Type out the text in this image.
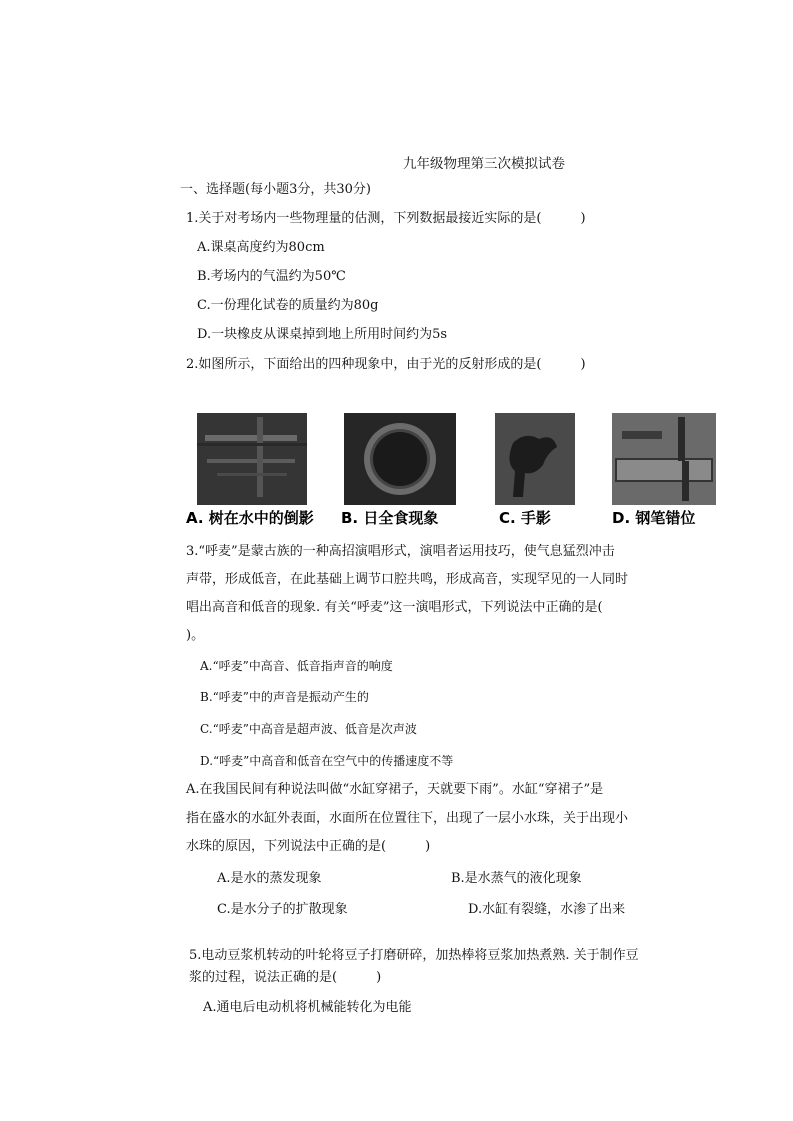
九年级物理第三次模拟试卷
一、选择题(每小题3分，共30分)
1.关于对考场内一些物理量的估测，下列数据最接近实际的是(　　　)
A.课桌高度约为80cm
B.考场内的气温约为50℃
C.一份理化试卷的质量约为80g
D.一块橡皮从课桌掉到地上所用时间约为5s
2.如图所示，下面给出的四种现象中，由于光的反射形成的是(　　　)
A. 树在水中的倒影 B. 日全食现象	C. 手影	D. 钢笔错位
3.“呼麦”是蒙古族的一种高招演唱形式，演唱者运用技巧，使气息猛烈冲击
声带，形成低音，在此基础上调节口腔共鸣，形成高音，实现罕见的一人同时
唱出高音和低音的现象. 有关“呼麦”这一演唱形式，下列说法中正确的是(
)。
A.“呼麦”中高音、低音指声音的响度
B.“呼麦”中的声音是振动产生的
C.“呼麦”中高音是超声波、低音是次声波
D.“呼麦”中高音和低音在空气中的传播速度不等
A.在我国民间有种说法叫做“水缸穿裙子，天就要下雨”。水缸“穿裙子”是
指在盛水的水缸外表面，水面所在位置往下，出现了一层小水珠，关于出现小
水珠的原因，下列说法中正确的是(　　　)
A.是水的蒸发现象	B.是水蒸气的液化现象
C.是水分子的扩散现象	D.水缸有裂缝，水渗了出来
5.电动豆浆机转动的叶轮将豆子打磨研碎，加热棒将豆浆加热煮熟. 关于制作豆
浆的过程，说法正确的是(　　　)
A.通电后电动机将机械能转化为电能
